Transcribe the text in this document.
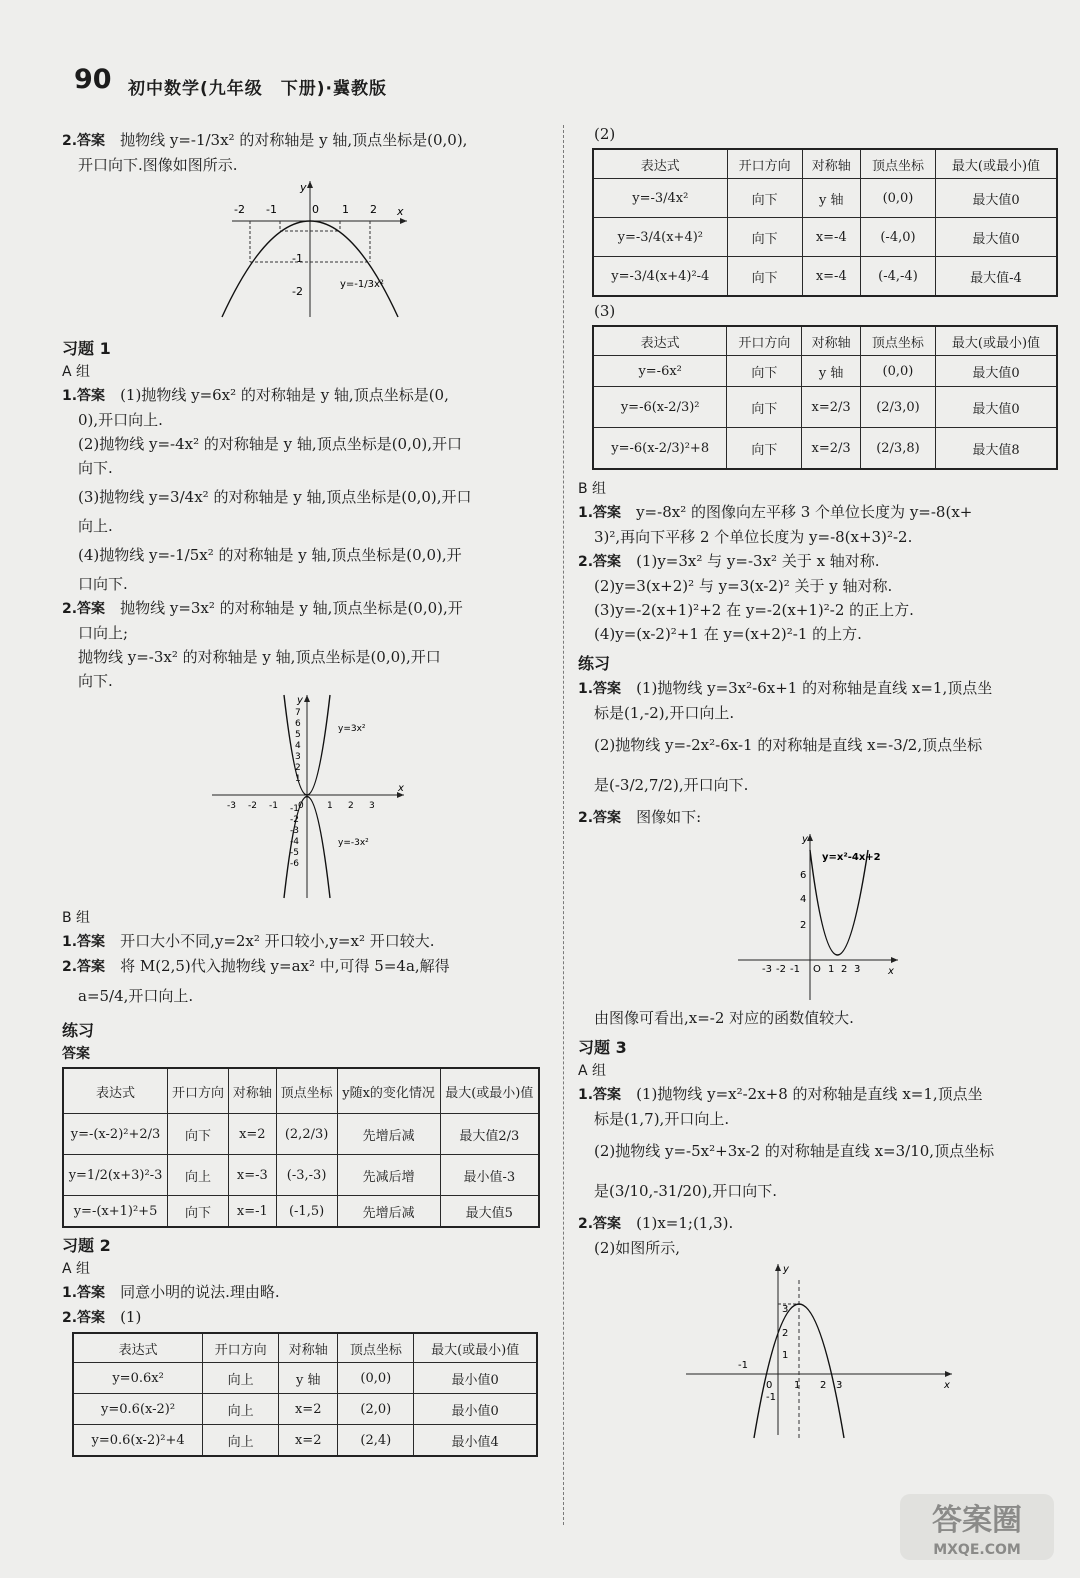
90 初中数学(九年级　下册)·冀教版

2.答案　 抛物线 y=-1/3x² 的对称轴是 y 轴,顶点坐标是(0,0),

开口向下.图像如图所示.

y
x
-2 -1	0 1 2
-1
-2
y=-1/3x²
习题 1
A 组

1.答案　 (1)抛物线 y=6x² 的对称轴是 y 轴,顶点坐标是(0,

0),开口向上.

(2)抛物线 y=-4x² 的对称轴是 y 轴,顶点坐标是(0,0),开口

向下.

(3)抛物线 y=3/4x² 的对称轴是 y 轴,顶点坐标是(0,0),开口

向上.

(4)抛物线 y=-1/5x² 的对称轴是 y 轴,顶点坐标是(0,0),开

口向下.

2.答案　 抛物线 y=3x² 的对称轴是 y 轴,顶点坐标是(0,0),开

口向上;

抛物线 y=-3x² 的对称轴是 y 轴,顶点坐标是(0,0),开口

向下.

y
x
7
6
5
4
3
2
1
-1
-2
-3
-4
-5
-6
-3 -2 -1 0	1 2 3
y=3x²
y=-3x²
B 组

1.答案　 开口大小不同,y=2x² 开口较小,y=x² 开口较大.

2.答案　 将 M(2,5)代入抛物线 y=ax² 中,可得 5=4a,解得

a=5/4,开口向上.

练习
答案
表达式	开口方向	对称轴	顶点坐标	y随x的变化情况	最大(或最小)值
y=-(x-2)²+2/3	向下	x=2	(2,2/3)	先增后减	最大值2/3
y=1/2(x+3)²-3	向上	x=-3	(-3,-3)	先减后增	最小值-3
y=-(x+1)²+5	向下	x=-1	(-1,5)	先增后减	最大值5
习题 2
A 组

1.答案　 同意小明的说法.理由略.

2.答案　 (1)

表达式	开口方向	对称轴	顶点坐标	最大(或最小)值
y=0.6x²	向上	y 轴	(0,0)	最小值0
y=0.6(x-2)²	向上	x=2	(2,0)	最小值0
y=0.6(x-2)²+4	向上	x=2	(2,4)	最小值4

(2)

表达式	开口方向	对称轴	顶点坐标	最大(或最小)值
y=-3/4x²	向下	y 轴	(0,0)	最大值0
y=-3/4(x+4)²	向下	x=-4	(-4,0)	最大值0
y=-3/4(x+4)²-4	向下	x=-4	(-4,-4)	最大值-4

(3)

表达式	开口方向	对称轴	顶点坐标	最大(或最小)值
y=-6x²	向下	y 轴	(0,0)	最大值0
y=-6(x-2/3)²	向下	x=2/3	(2/3,0)	最大值0
y=-6(x-2/3)²+8	向下	x=2/3	(2/3,8)	最大值8
B 组

1.答案　 y=-8x² 的图像向左平移 3 个单位长度为 y=-8(x+

3)²,再向下平移 2 个单位长度为 y=-8(x+3)²-2.

2.答案　 (1)y=3x² 与 y=-3x² 关于 x 轴对称.

(2)y=3(x+2)² 与 y=3(x-2)² 关于 y 轴对称.

(3)y=-2(x+1)²+2 在 y=-2(x+1)²-2 的正上方.

(4)y=(x-2)²+1 在 y=(x+2)²-1 的上方.

练习

1.答案　 (1)抛物线 y=3x²-6x+1 的对称轴是直线 x=1,顶点坐

标是(1,-2),开口向上.

(2)抛物线 y=-2x²-6x-1 的对称轴是直线 x=-3/2,顶点坐标

是(-3/2,7/2),开口向下.

2.答案　 图像如下:

y
x
6
4
2
-3 -2 -1 O 1 2 3
y=x²-4x+2

由图像可看出,x=-2 对应的函数值较大.

习题 3
A 组

1.答案　 (1)抛物线 y=x²-2x+8 的对称轴是直线 x=1,顶点坐

标是(1,7),开口向上.

(2)抛物线 y=-5x²+3x-2 的对称轴是直线 x=3/10,顶点坐标

是(3/10,-31/20),开口向下.

2.答案　 (1)x=1;(1,3).

(2)如图所示,

y
x
3
2
1
-1
-1
0 1 2 3
答案圈
MXQE.COM
